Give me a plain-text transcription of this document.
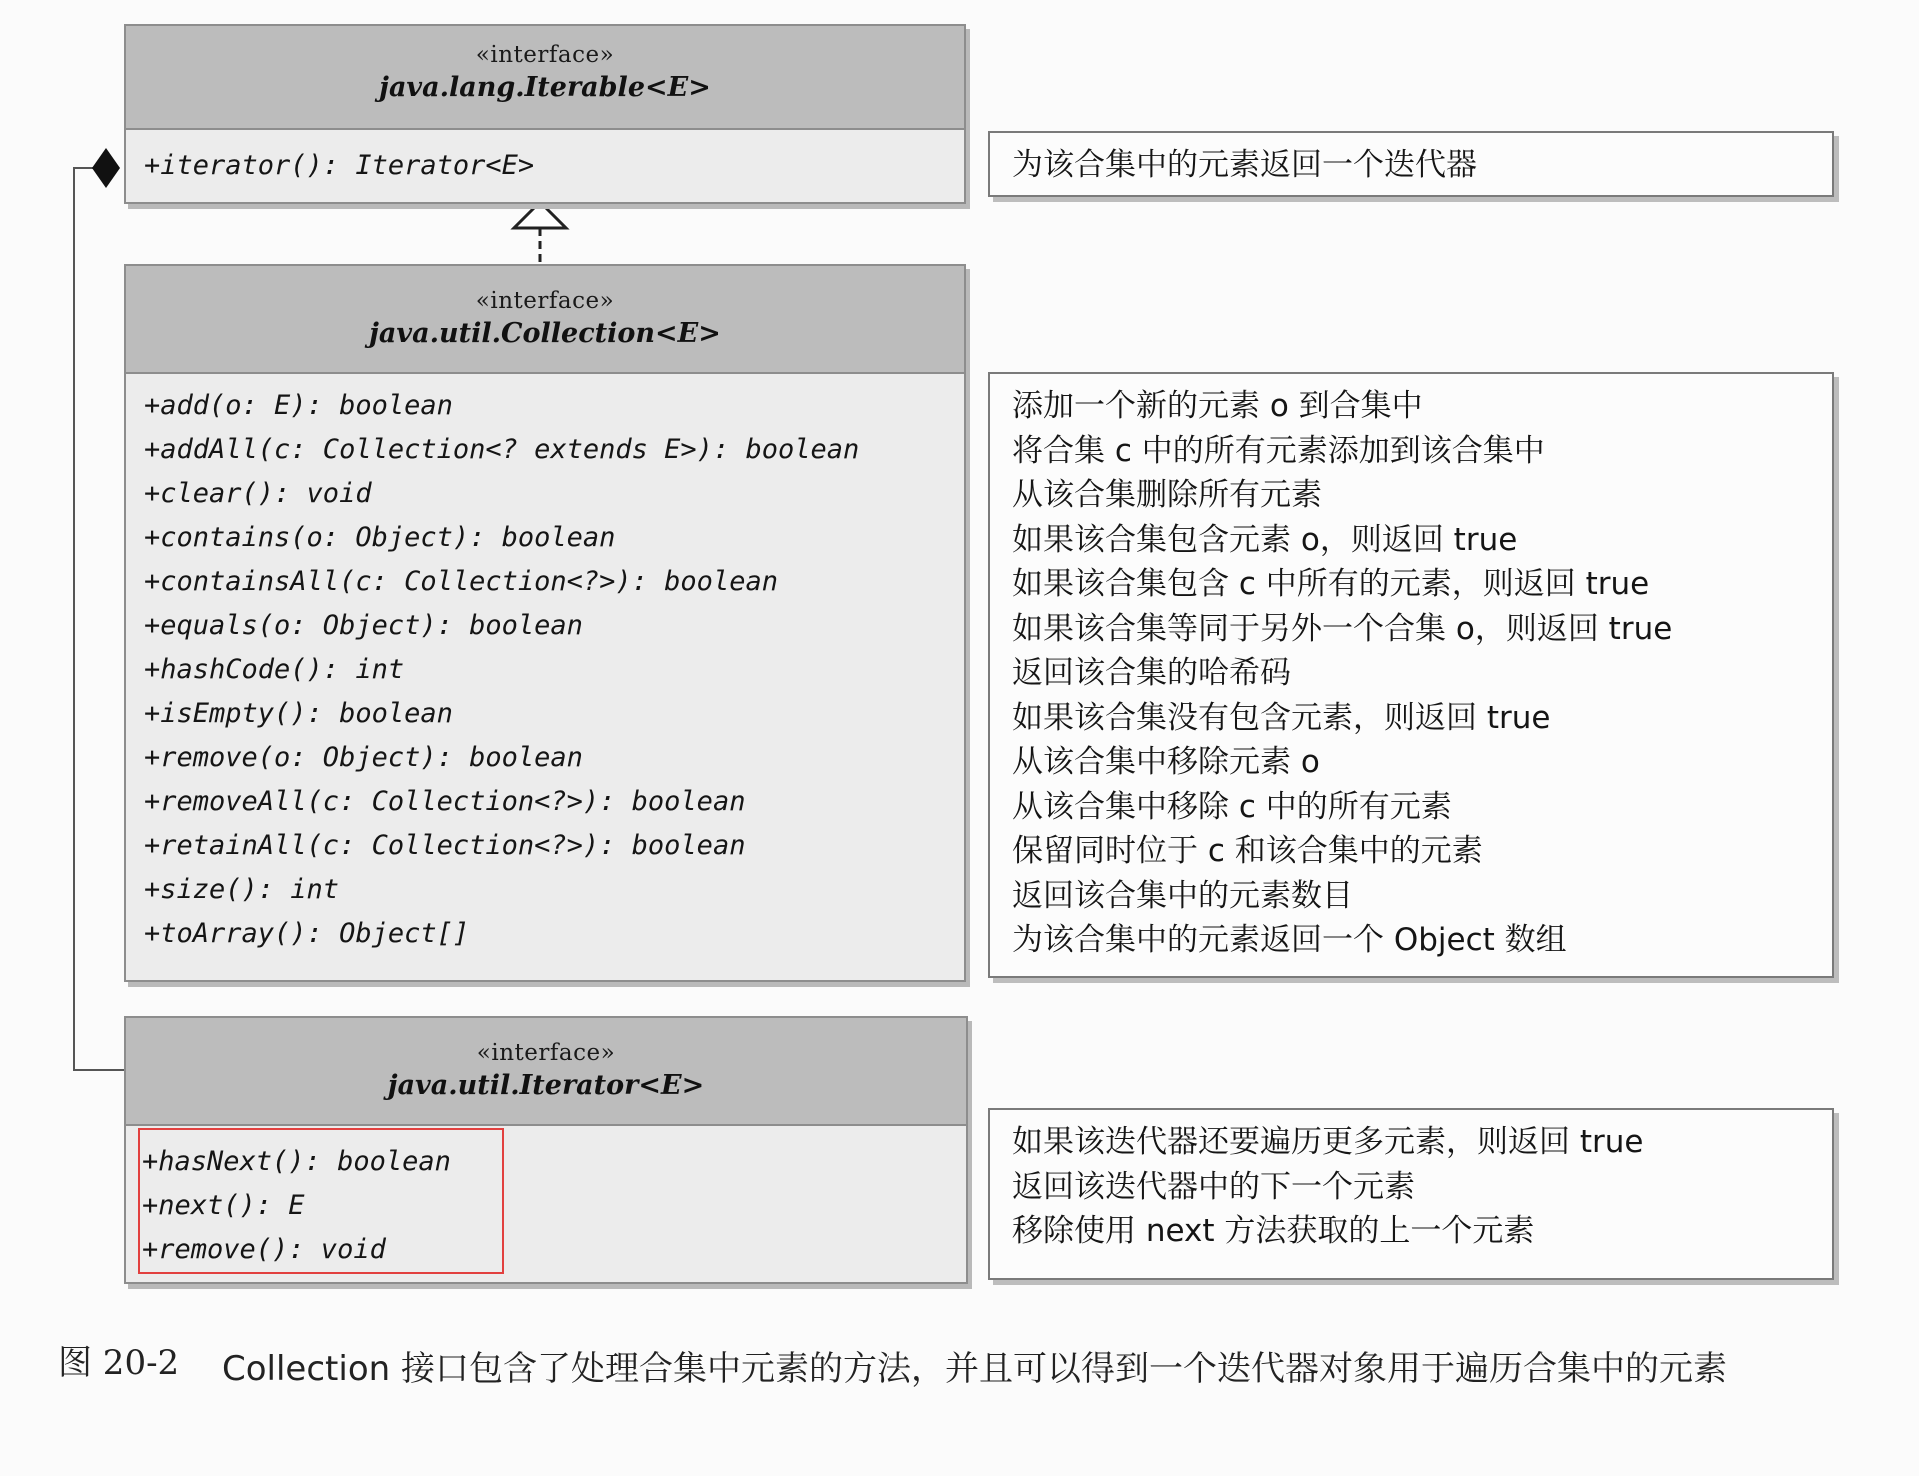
«interface»
java.lang.Iterable<E>
+iterator(): Iterator<E>	为该合集中的元素返回一个迭代器
«interface»
java.util.Collection<E>
+add(o: E): boolean
+addAll(c: Collection<? extends E>): boolean
+clear(): void
+contains(o: Object): boolean
+containsAll(c: Collection<?>): boolean
+equals(o: Object): boolean
+hashCode(): int
+isEmpty(): boolean
+remove(o: Object): boolean
+removeAll(c: Collection<?>): boolean
+retainAll(c: Collection<?>): boolean
+size(): int
+toArray(): Object[]
添加一个新的元素 o 到合集中
将合集 c 中的所有元素添加到该合集中
从该合集删除所有元素
如果该合集包含元素 o，则返回 true
如果该合集包含 c 中所有的元素，则返回 true
如果该合集等同于另外一个合集 o，则返回 true
返回该合集的哈希码
如果该合集没有包含元素，则返回 true
从该合集中移除元素 o
从该合集中移除 c 中的所有元素
保留同时位于 c 和该合集中的元素
返回该合集中的元素数目
为该合集中的元素返回一个 Object 数组
«interface»
java.util.Iterator<E>
+hasNext(): boolean
+next(): E
+remove(): void
如果该迭代器还要遍历更多元素，则返回 true
返回该迭代器中的下一个元素
移除使用 next 方法获取的上一个元素
图 20-2 Collection 接口包含了处理合集中元素的方法，并且可以得到一个迭代器对象用于遍历合集中的元素
